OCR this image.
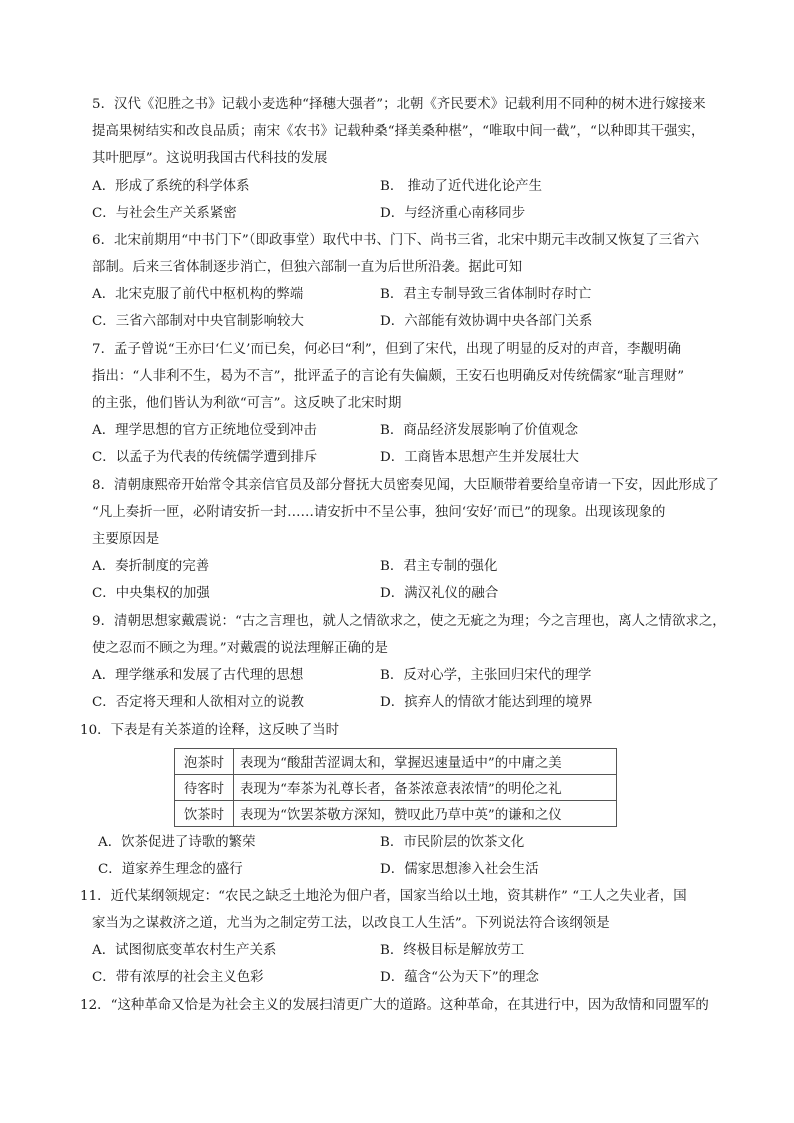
5．汉代《氾胜之书》记载小麦选种“择穗大强者”；北朝《齐民要术》记载利用不同种的树木进行嫁接来
提高果树结实和改良品质；南宋《农书》记载种桑“择美桑种椹”，“唯取中间一截”，“以种即其干强实，
其叶肥厚”。这说明我国古代科技的发展
A．形成了系统的科学体系	B． 推动了近代进化论产生
C．与社会生产关系紧密	D．与经济重心南移同步
6．北宋前期用“中书门下”（即政事堂）取代中书、门下、尚书三省，北宋中期元丰改制又恢复了三省六
部制。后来三省体制逐步消亡，但独六部制一直为后世所沿袭。据此可知
A．北宋克服了前代中枢机构的弊端	B．君主专制导致三省体制时存时亡
C．三省六部制对中央官制影响较大	D．六部能有效协调中央各部门关系
7．孟子曾说“王亦曰‘仁义’而已矣，何必曰“利”，但到了宋代，出现了明显的反对的声音，李觏明确
指出：“人非利不生，曷为不言”，批评孟子的言论有失偏颇，王安石也明确反对传统儒家“耻言理财”
的主张，他们皆认为利欲“可言”。这反映了北宋时期
A．理学思想的官方正统地位受到冲击	B．商品经济发展影响了价值观念
C．以孟子为代表的传统儒学遭到排斥	D．工商皆本思想产生并发展壮大
8．清朝康熙帝开始常令其亲信官员及部分督抚大员密奏见闻，大臣顺带着要给皇帝请一下安，因此形成了
“凡上奏折一匣，必附请安折一封……请安折中不呈公事，独问‘安好’而已”的现象。出现该现象的
主要原因是
A．奏折制度的完善	B．君主专制的强化
C．中央集权的加强	D．满汉礼仪的融合
9．清朝思想家戴震说：“古之言理也，就人之情欲求之，使之无疵之为理；今之言理也，离人之情欲求之，
使之忍而不顾之为理。”对戴震的说法理解正确的是
A．理学继承和发展了古代理的思想	B．反对心学，主张回归宋代的理学
C．否定将天理和人欲相对立的说教	D．摈弃人的情欲才能达到理的境界
10．下表是有关茶道的诠释，这反映了当时
泡茶时	表现为“酸甜苦涩调太和，掌握迟速量适中”的中庸之美
待客时	表现为“奉茶为礼尊长者，备茶浓意表浓情”的明伦之礼
饮茶时	表现为“饮罢茶敬方深知，赞叹此乃草中英”的谦和之仪
A．饮茶促进了诗歌的繁荣	B．市民阶层的饮茶文化
C．道家养生理念的盛行	D．儒家思想渗入社会生活
11．近代某纲领规定：“农民之缺乏土地沦为佃户者，国家当给以土地，资其耕作” “工人之失业者，国
家当为之谋救济之道，尤当为之制定劳工法，以改良工人生活”。下列说法符合该纲领是
A．试图彻底变革农村生产关系	B．终极目标是解放劳工
C．带有浓厚的社会主义色彩	D．蕴含“公为天下”的理念
12．“这种革命又恰是为社会主义的发展扫清更广大的道路。这种革命，在其进行中，因为敌情和同盟军的
